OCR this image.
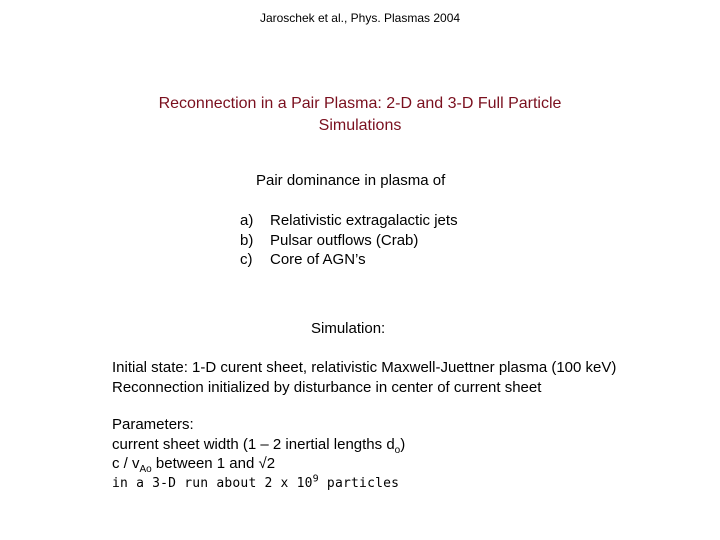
Jaroschek et al., Phys. Plasmas 2004
Reconnection in a Pair Plasma: 2-D and 3-D Full Particle
Simulations
Pair dominance in plasma of
a)	Relativistic extragalactic jets
b)	Pulsar outflows (Crab)
c)	Core of AGN’s
Simulation:
Initial state: 1-D curent sheet, relativistic Maxwell-Juettner plasma (100 keV)
Reconnection initialized by disturbance in center of current sheet
Parameters:
current sheet width (1 – 2 inertial lengths $d_o$)
c / $v_{Ao}$ between 1 and √2
in a 3-D run about 2 x $10^9$ particles
